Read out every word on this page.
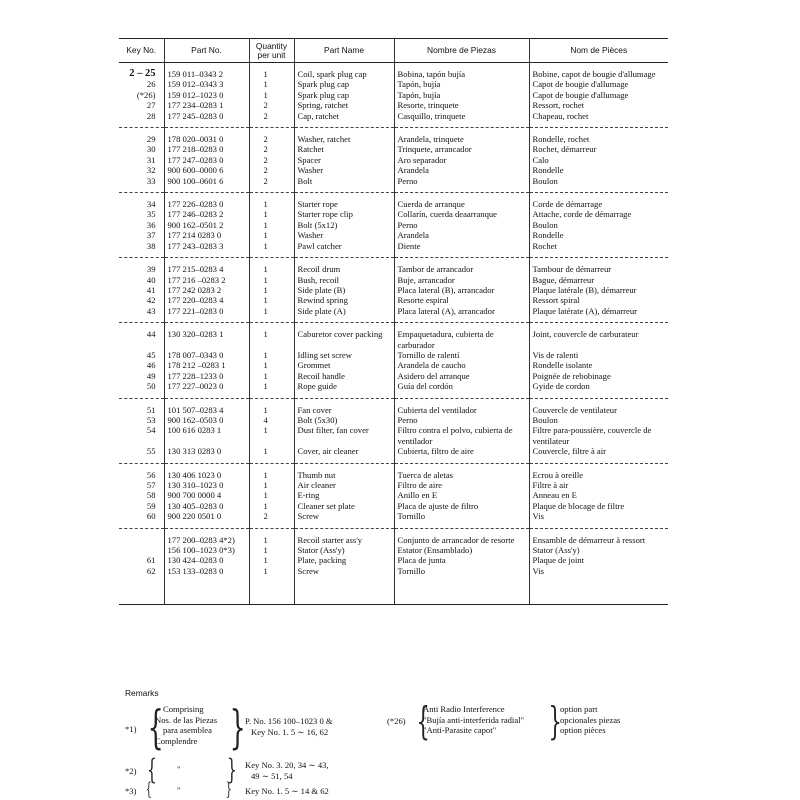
Key No.	Part No.	Quantity per unit	Part Name	Nombre de Piezas	Nom de Pièces
2 – 25	159 011–0343 2	1	Coil, spark plug cap	Bobina, tapón bujía	Bobine, capot de bougie d'allumage
26	159 012–0343 3	1	Spark plug cap	Tapón, bujía	Capot de bougie d'allumage
(*26)	159 012–1023 0	1	Spark plug cap	Tapón, bujía	Capot de bougie d'allumage
27	177 234–0283 1	2	Spring, ratchet	Resorte, trinquete	Ressort, rochet
28	177 245–0283 0	2	Cap, ratchet	Casquillo, trinquete	Chapeau, rochet
29	178 020–0031 0	2	Washer, ratchet	Arandela, trinquete	Rondelle, rochet
30	177 218–0283 0	2	Ratchet	Trinquete, arrancador	Rochet, démarreur
31	177 247–0283 0	2	Spacer	Aro separador	Calo
32	900 600–0000 6	2	Washer	Arandela	Rondelle
33	900 100–0601 6	2	Bolt	Perno	Boulon
34	177 226–0283 0	1	Starter rope	Cuerda de arranque	Corde de démarrage
35	177 246–0283 2	1	Starter rope clip	Collarín, cuerda deaarranque	Attache, corde de démarrage
36	900 162–0501 2	1	Bolt (5x12)	Perno	Boulon
37	177 214 0283 0	1	Washer	Arandela	Rondelle
38	177 243–0283 3	1	Pawl catcher	Diente	Rochet
39	177 215–0283 4	1	Recoil drum	Tambor de arrancador	Tambour de démarreur
40	177 216 –0283 2	1	Bush, recoil	Buje, arrancador	Bague, démarreur
41	177 242 0283 2	1	Side plate (B)	Placa lateral (B), arrancador	Plaque latérale (B), démarreur
42	177 220–0283 4	1	Rewind spring	Resorte espiral	Ressort spiral
43	177 221–0283 0	1	Side plate (A)	Placa lateral (A), arrancador	Plaque latérate (A), démarreur
44	130 320–0283 1	1	Caburetor cover packing	Empaquetadura, cubierta de carburador	Joint, couvercle de carburateur
45	178 007–0343 0	1	Idling set screw	Tornillo de ralentí	Vis de ralenti
46	178 212 –0283 1	1	Grommet	Arandela de caucho	Rondelle isolante
49	177 228–1233 0	1	Recoil handle	Asidero del arranque	Poignée de rebobinage
50	177 227–0023 0	1	Rope guide	Guía del cordón	Gyide de cordon
51	101 507–0283 4	1	Fan cover	Cubierta del ventilador	Couvercle de ventilateur
53	900 162–0503 0	4	Bolt (5x30)	Perno	Boulon
54	100 616 0283 1	1	Dust filter, fan cover	Filtro contra el polvo, cubierta de ventilador	Filtre para-poussière, couvercle de ventilateur
55	130 313 0283 0	1	Cover, air cleaner	Cubierta, filtro de aire	Couvercle, filtre à air
56	130 406 1023 0	1	Thumb nut	Tuerca de aletas	Ecrou à oreille
57	130 310–1023 0	1	Air cleaner	Filtro de aire	Filtre à air
58	900 700 0000 4	1	E-ring	Anillo en E	Anneau en E
59	130 405–0283 0	1	Cleaner set plate	Placa de ajuste de filtro	Plaque de blocage de filtre
60	900 220 0501 0	2	Screw	Tornillo	Vis
	177 200–0283 4*2)	1	Recoil starter ass'y	Conjunto de arrancador de resorte	Ensamble de démarreur à ressort
	156 100–1023 0*3)	1	Stator (Ass'y)	Estator (Ensamblado)	Stator (Ass'y)
61	130 424–0283 0	1	Plate, packing	Placa de junta	Plaque de joint
62	153 133–0283 0	1	Screw	Tornillo	Vis
Remarks
*1) { Comprising
Nos. de las Piezas
para asemblea
Complendre } P. No. 156 100–1023 0 &
Key No. 1. 5 ∼ 16, 62
(*26) {
Anti Radio Interference
"Bujía anti-interferida radial"
"Anti-Parasite capot"	}
option part
opcionales piezas
option pièces
*2) { " } Key No. 3. 20, 34 ∼ 43,
49 ∼ 51, 54
*3) {	"	} Key No. 1. 5 ∼ 14 & 62
